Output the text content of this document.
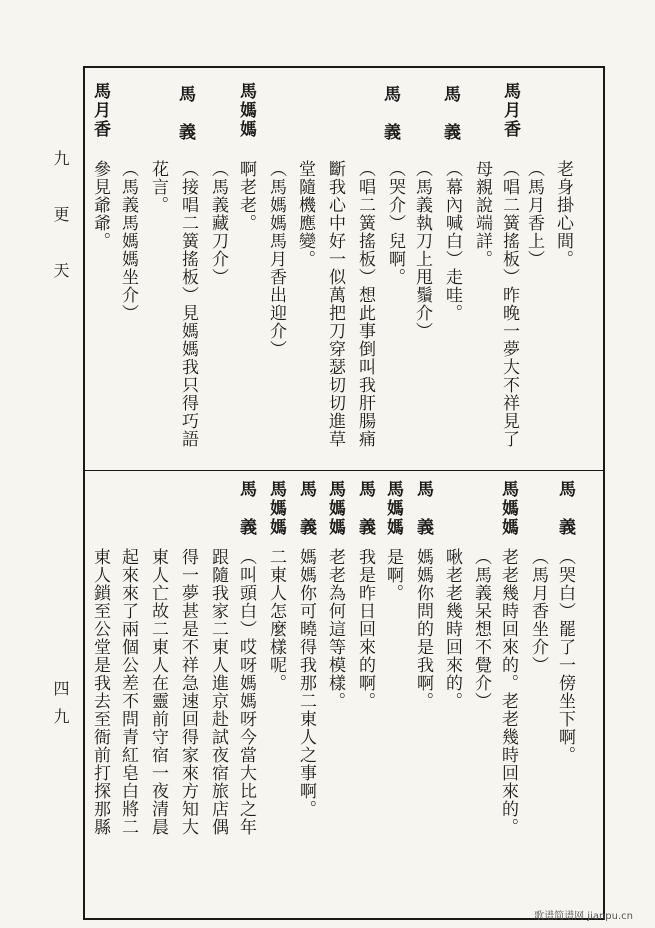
九　更　天
四九
馬月香
馬　義
馬　義
馬媽媽
馬　義
馬月香
老身掛心間。
（馬月香上）
（唱二簧搖板）昨晚一夢大不祥見了
母親說端詳。
（幕內喊白）走哇。
（馬義執刀上甩鬚介）
（哭介）兒啊。
（唱二簧搖板）想此事倒叫我肝腸痛
斷我心中好一似萬把刀穿瑟切切進草
堂隨機應變。
（馬媽媽馬月香出迎介）
啊老老。
（馬義藏刀介）
（接唱二簧搖板）見媽媽我只得巧語
花言。
（馬義馬媽媽坐介）
參見爺爺。
馬　義
馬媽媽
馬　義
馬媽媽
馬　義
馬媽媽
馬　義
馬媽媽
馬　義
（哭白）罷了一傍坐下啊。
（馬月香坐介）
老老幾時回來的。老老幾時回來的。
（馬義呆想不覺介）
啾老老幾時回來的。
媽媽你問的是我啊。
是啊。
我是昨日回來的啊。
老老為何這等模樣。
媽媽你可曉得我那二東人之事啊。
二東人怎麼樣呢。
（叫頭白）哎呀媽媽呀今當大比之年
跟隨我家二東人進京赴試夜宿旅店偶
得一夢甚是不祥急速回得家來方知大
東人亡故二東人在靈前守宿一夜清晨
起來來了兩個公差不問青紅皂白將二
東人鎖至公堂是我去至衙前打探那縣
歌谱简谱网 jianpu.cn
